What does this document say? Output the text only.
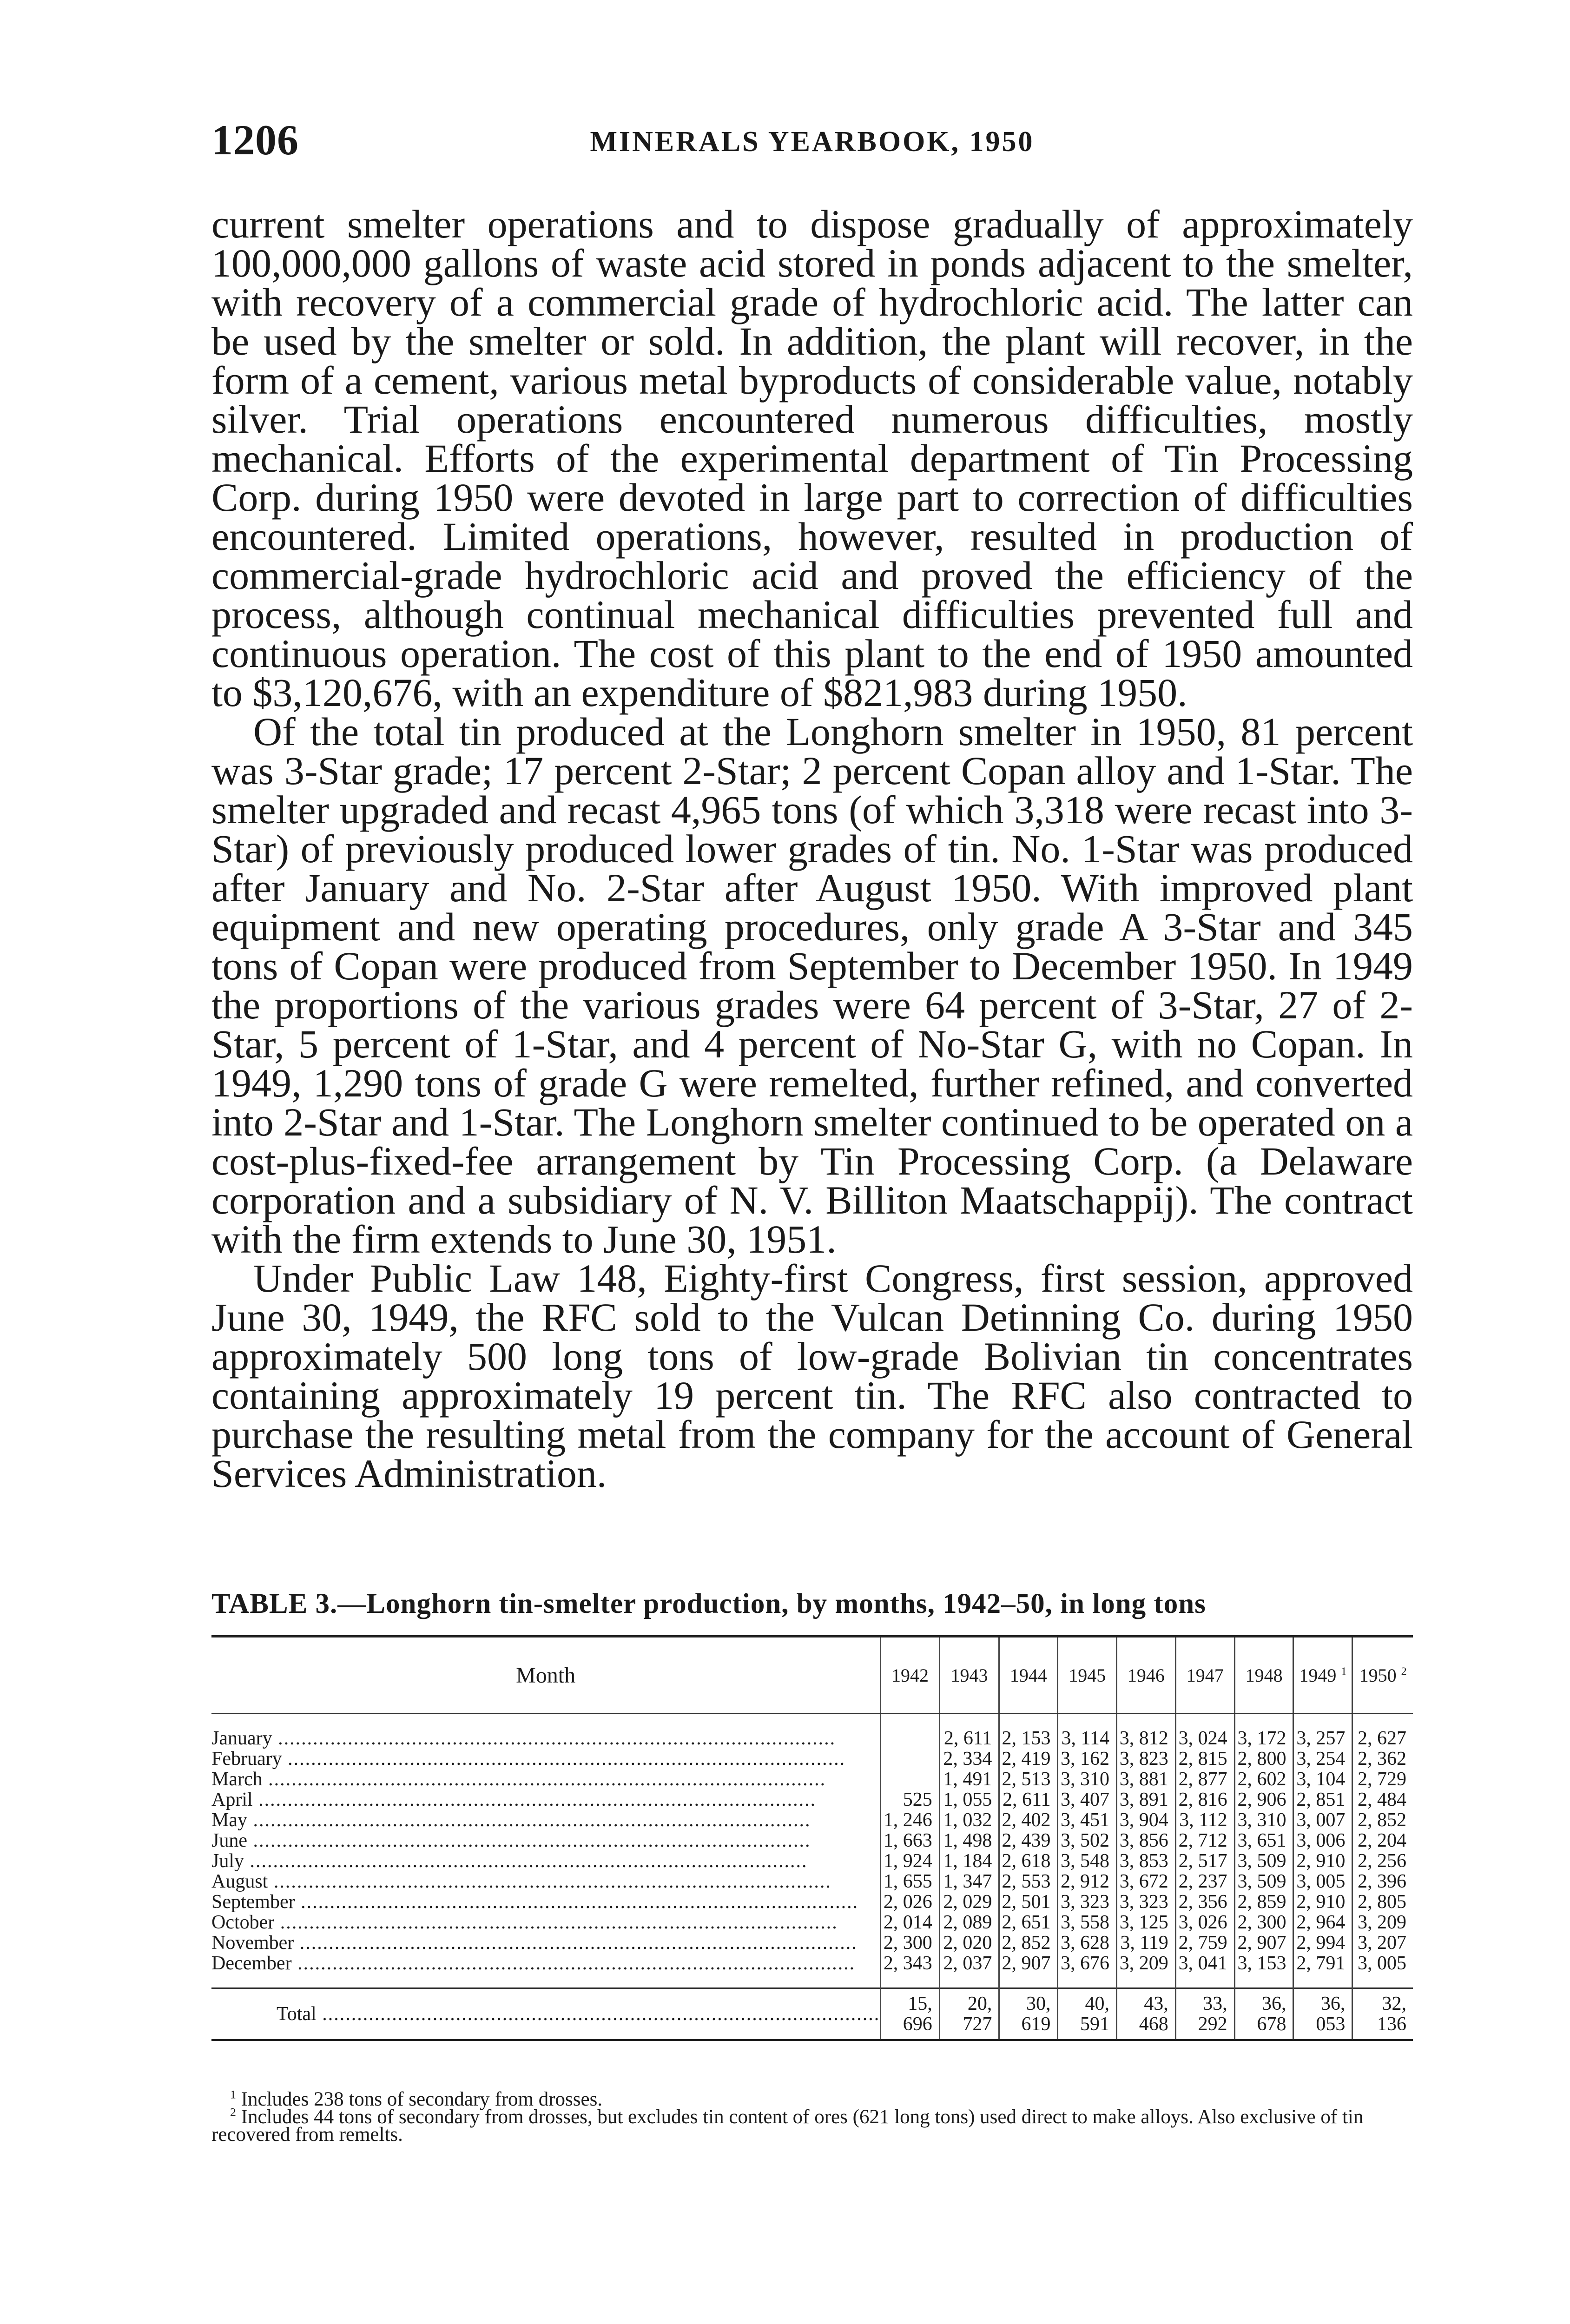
1206	MINERALS YEARBOOK, 1950

current smelter operations and to dispose gradually of approximately 100,000,000 gallons of waste acid stored in ponds adjacent to the smelter, with recovery of a commercial grade of hydrochloric acid. The latter can be used by the smelter or sold. In addition, the plant will recover, in the form of a cement, various metal byproducts of considerable value, notably silver. Trial operations encountered numerous difficulties, mostly mechanical. Efforts of the experimental department of Tin Processing Corp. during 1950 were devoted in large part to correction of difficulties encountered. Limited operations, however, resulted in production of commercial-grade hydrochloric acid and proved the efficiency of the process, although continual mechanical difficulties prevented full and continuous operation. The cost of this plant to the end of 1950 amounted to $3,120,676, with an expenditure of $821,983 during 1950.

Of the total tin produced at the Longhorn smelter in 1950, 81 percent was 3-Star grade; 17 percent 2-Star; 2 percent Copan alloy and 1-Star. The smelter upgraded and recast 4,965 tons (of which 3,318 were recast into 3-Star) of previously produced lower grades of tin. No. 1-Star was produced after January and No. 2-Star after August 1950. With improved plant equipment and new operating procedures, only grade A 3-Star and 345 tons of Copan were produced from September to December 1950. In 1949 the proportions of the various grades were 64 percent of 3-Star, 27 of 2-Star, 5 percent of 1-Star, and 4 percent of No-Star G, with no Copan. In 1949, 1,290 tons of grade G were remelted, further refined, and converted into 2-Star and 1-Star. The Longhorn smelter continued to be operated on a cost-plus-fixed-fee arrangement by Tin Processing Corp. (a Delaware corporation and a subsidiary of N. V. Billiton Maatschappij). The contract with the firm extends to June 30, 1951.

Under Public Law 148, Eighty-first Congress, first session, approved June 30, 1949, the RFC sold to the Vulcan Detinning Co. during 1950 approximately 500 long tons of low-grade Bolivian tin concentrates containing approximately 19 percent tin. The RFC also contracted to purchase the resulting metal from the company for the account of General Services Administration.

TABLE 3.—Longhorn tin-smelter production, by months, 1942–50, in long tons
Month	1942	1943	1944	1945	1946	1947	1948	1949 $^1$	1950 $^2$

January .....		2, 611	2, 153	3, 114	3, 812	3, 024	3, 172	3, 257	2, 627

February .....		2, 334	2, 419	3, 162	3, 823	2, 815	2, 800	3, 254	2, 362

March .....		1, 491	2, 513	3, 310	3, 881	2, 877	2, 602	3, 104	2, 729

April .....	525	1, 055	2, 611	3, 407	3, 891	2, 816	2, 906	2, 851	2, 484

May .....	1, 246	1, 032	2, 402	3, 451	3, 904	3, 112	3, 310	3, 007	2, 852

June .....	1, 663	1, 498	2, 439	3, 502	3, 856	2, 712	3, 651	3, 006	2, 204

July .....	1, 924	1, 184	2, 618	3, 548	3, 853	2, 517	3, 509	2, 910	2, 256

August .....	1, 655	1, 347	2, 553	2, 912	3, 672	2, 237	3, 509	3, 005	2, 396

September .....	2, 026	2, 029	2, 501	3, 323	3, 323	2, 356	2, 859	2, 910	2, 805

October .....	2, 014	2, 089	2, 651	3, 558	3, 125	3, 026	2, 300	2, 964	3, 209

November .....	2, 300	2, 020	2, 852	3, 628	3, 119	2, 759	2, 907	2, 994	3, 207

December .....	2, 343	2, 037	2, 907	3, 676	3, 209	3, 041	3, 153	2, 791	3, 005

Total .....	15, 696	20, 727	30, 619	40, 591	43, 468	33, 292	36, 678	36, 053	32, 136

$^1$ Includes 238 tons of secondary from drosses.

$^2$ Includes 44 tons of secondary from drosses, but excludes tin content of ores (621 long tons) used direct to make alloys. Also exclusive of tin recovered from remelts.
